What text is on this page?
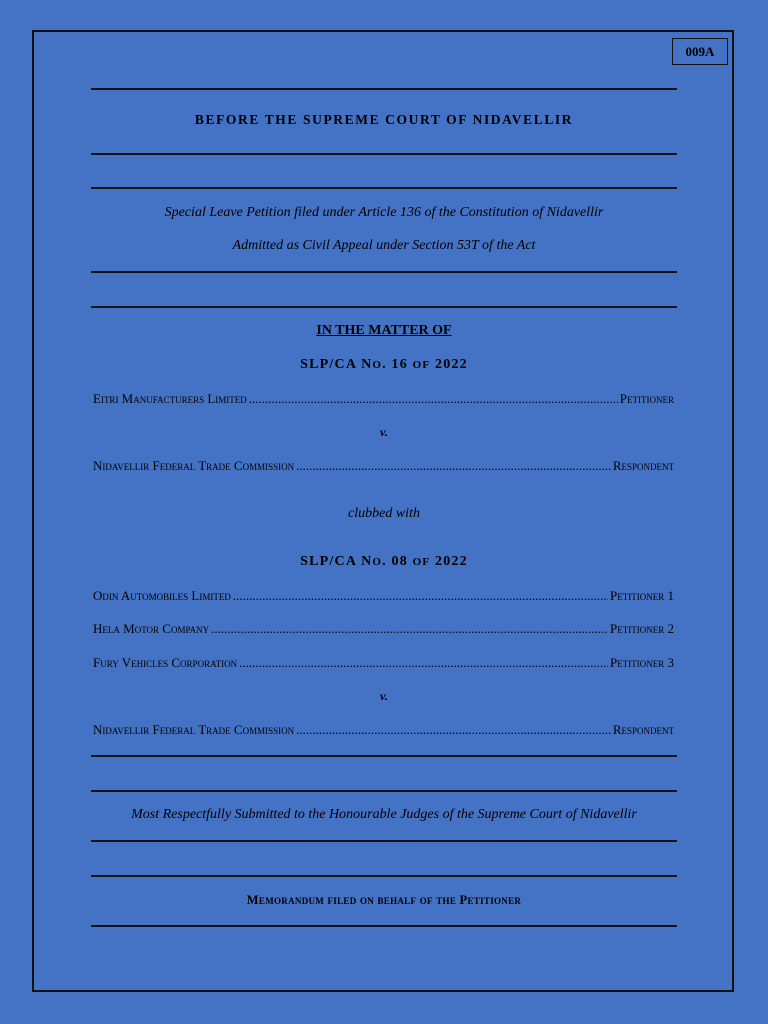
009A
BEFORE THE SUPREME COURT OF NIDAVELLIR
Special Leave Petition filed under Article 136 of the Constitution of Nidavellir
Admitted as Civil Appeal under Section 53T of the Act
IN THE MATTER OF
SLP/CA NO. 16 OF 2022
Eitri Manufacturers Limited .....	Petitioner
v.
Nidavellir Federal Trade Commission .....	Respondent
clubbed with
SLP/CA NO. 08 OF 2022
Odin Automobiles Limited .....	Petitioner 1
Hela Motor Company .....	Petitioner 2
Fury Vehicles Corporation .....	Petitioner 3
v.
Nidavellir Federal Trade Commission .....	Respondent
Most Respectfully Submitted to the Honourable Judges of the Supreme Court of Nidavellir
Memorandum filed on behalf of the Petitioner
